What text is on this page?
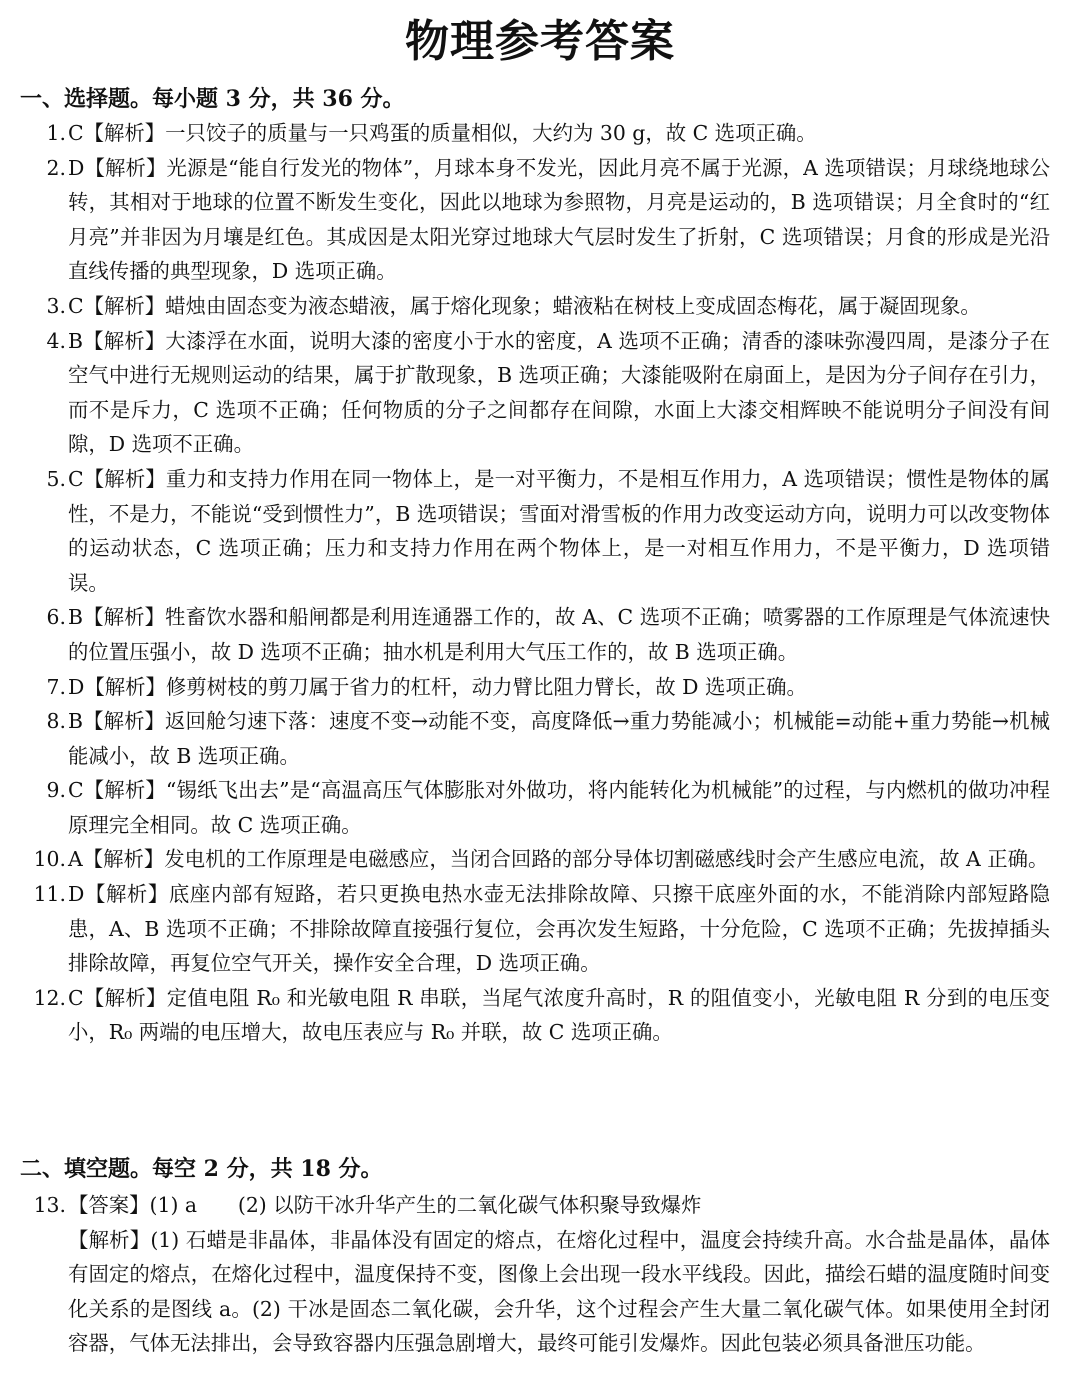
物理参考答案
一、选择题。每小题 3 分，共 36 分。
1. C【解析】一只饺子的质量与一只鸡蛋的质量相似，大约为 30 g，故 C 选项正确。
2. D【解析】光源是“能自行发光的物体”，月球本身不发光，因此月亮不属于光源，A 选项错误；月球绕地球公转，其相对于地球的位置不断发生变化，因此以地球为参照物，月亮是运动的，B 选项错误；月全食时的“红月亮”并非因为月壤是红色。其成因是太阳光穿过地球大气层时发生了折射，C 选项错误；月食的形成是光沿直线传播的典型现象，D 选项正确。
3. C【解析】蜡烛由固态变为液态蜡液，属于熔化现象；蜡液粘在树枝上变成固态梅花，属于凝固现象。
4. B【解析】大漆浮在水面，说明大漆的密度小于水的密度，A 选项不正确；清香的漆味弥漫四周，是漆分子在空气中进行无规则运动的结果，属于扩散现象，B 选项正确；大漆能吸附在扇面上，是因为分子间存在引力，而不是斥力，C 选项不正确；任何物质的分子之间都存在间隙，水面上大漆交相辉映不能说明分子间没有间隙，D 选项不正确。
5. C【解析】重力和支持力作用在同一物体上，是一对平衡力，不是相互作用力，A 选项错误；惯性是物体的属性，不是力，不能说“受到惯性力”，B 选项错误；雪面对滑雪板的作用力改变运动方向，说明力可以改变物体的运动状态，C 选项正确；压力和支持力作用在两个物体上，是一对相互作用力，不是平衡力，D 选项错误。
6. B【解析】牲畜饮水器和船闸都是利用连通器工作的，故 A、C 选项不正确；喷雾器的工作原理是气体流速快的位置压强小，故 D 选项不正确；抽水机是利用大气压工作的，故 B 选项正确。
7. D【解析】修剪树枝的剪刀属于省力的杠杆，动力臂比阻力臂长，故 D 选项正确。
8. B【解析】返回舱匀速下落：速度不变→动能不变，高度降低→重力势能减小；机械能=动能+重力势能→机械能减小，故 B 选项正确。
9. C【解析】“锡纸飞出去”是“高温高压气体膨胀对外做功，将内能转化为机械能”的过程，与内燃机的做功冲程原理完全相同。故 C 选项正确。
10. A【解析】发电机的工作原理是电磁感应，当闭合回路的部分导体切割磁感线时会产生感应电流，故 A 正确。
11. D【解析】底座内部有短路，若只更换电热水壶无法排除故障、只擦干底座外面的水，不能消除内部短路隐患，A、B 选项不正确；不排除故障直接强行复位，会再次发生短路，十分危险，C 选项不正确；先拔掉插头排除故障，再复位空气开关，操作安全合理，D 选项正确。
12. C【解析】定值电阻 R₀ 和光敏电阻 R 串联，当尾气浓度升高时，R 的阻值变小，光敏电阻 R 分到的电压变小，R₀ 两端的电压增大，故电压表应与 R₀ 并联，故 C 选项正确。
二、填空题。每空 2 分，共 18 分。
13. 【答案】(1) a　　(2) 以防干冰升华产生的二氧化碳气体积聚导致爆炸
【解析】(1) 石蜡是非晶体，非晶体没有固定的熔点，在熔化过程中，温度会持续升高。水合盐是晶体，晶体有固定的熔点，在熔化过程中，温度保持不变，图像上会出现一段水平线段。因此，描绘石蜡的温度随时间变化关系的是图线 a。(2) 干冰是固态二氧化碳，会升华，这个过程会产生大量二氧化碳气体。如果使用全封闭容器，气体无法排出，会导致容器内压强急剧增大，最终可能引发爆炸。因此包装必须具备泄压功能。
